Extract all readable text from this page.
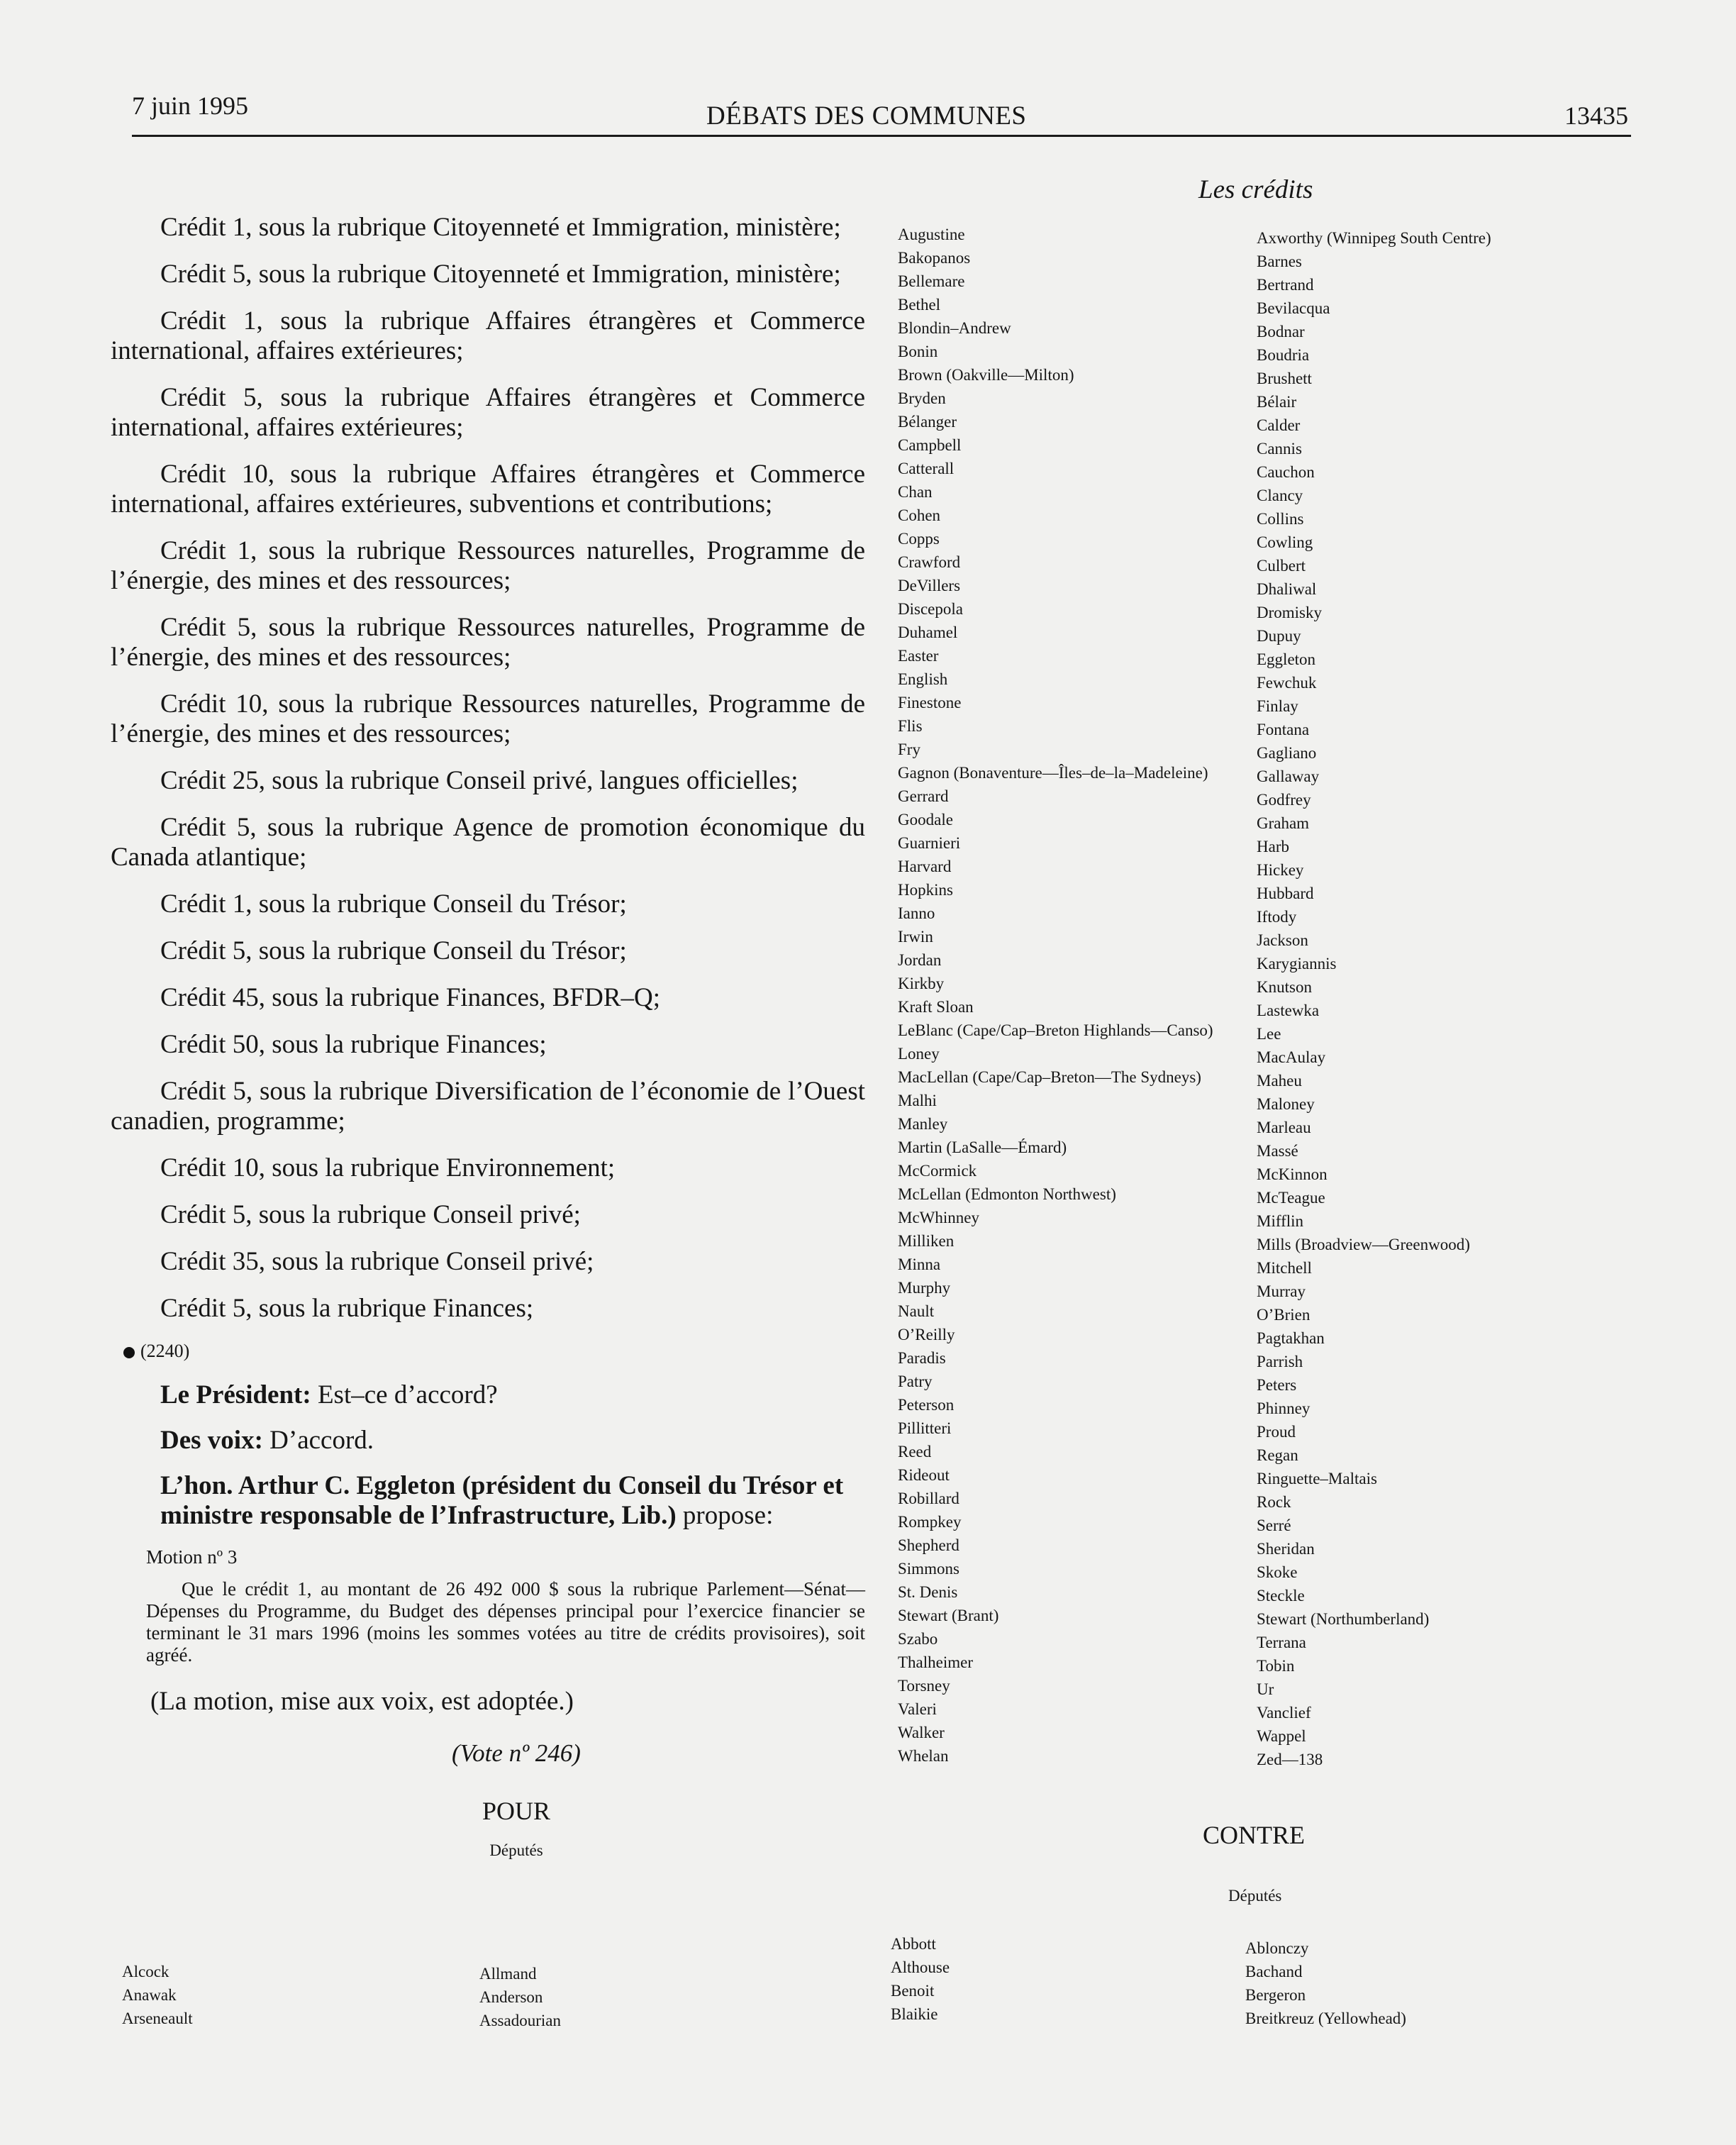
7 juin 1995	DÉBATS DES COMMUNES	13435
Les crédits

Crédit 1, sous la rubrique Citoyenneté et Immigration, ministère;

Crédit 5, sous la rubrique Citoyenneté et Immigration, ministère;

Crédit 1, sous la rubrique Affaires étrangères et Commerce international, affaires extérieures;

Crédit 5, sous la rubrique Affaires étrangères et Commerce international, affaires extérieures;

Crédit 10, sous la rubrique Affaires étrangères et Commerce international, affaires extérieures, subventions et contributions;

Crédit 1, sous la rubrique Ressources naturelles, Programme de l’énergie, des mines et des ressources;

Crédit 5, sous la rubrique Ressources naturelles, Programme de l’énergie, des mines et des ressources;

Crédit 10, sous la rubrique Ressources naturelles, Programme de l’énergie, des mines et des ressources;

Crédit 25, sous la rubrique Conseil privé, langues officielles;

Crédit 5, sous la rubrique Agence de promotion économique du Canada atlantique;

Crédit 1, sous la rubrique Conseil du Trésor;

Crédit 5, sous la rubrique Conseil du Trésor;

Crédit 45, sous la rubrique Finances, BFDR–Q;

Crédit 50, sous la rubrique Finances;

Crédit 5, sous la rubrique Diversification de l’économie de l’Ouest canadien, programme;

Crédit 10, sous la rubrique Environnement;

Crédit 5, sous la rubrique Conseil privé;

Crédit 35, sous la rubrique Conseil privé;

Crédit 5, sous la rubrique Finances;

(2240)

Le Président: Est–ce d’accord?

Des voix: D’accord.

L’hon. Arthur C. Eggleton (président du Conseil du Trésor et ministre responsable de l’Infrastructure, Lib.) propose:

Motion nº 3

Que le crédit 1, au montant de 26 492 000 $ sous la rubrique Parlement—Sénat—Dépenses du Programme, du Budget des dépenses principal pour l’exercice financier se terminant le 31 mars 1996 (moins les sommes votées au titre de crédits provisoires), soit agréé.

(La motion, mise aux voix, est adoptée.)
(Vote nº 246)
POUR
Députés
Alcock
Anawak
Arseneault
Allmand
Anderson
Assadourian
Augustine
Bakopanos
Bellemare
Bethel
Blondin–Andrew
Bonin
Brown (Oakville—Milton)
Bryden
Bélanger
Campbell
Catterall
Chan
Cohen
Copps
Crawford
DeVillers
Discepola
Duhamel
Easter
English
Finestone
Flis
Fry
Gagnon (Bonaventure—Îles–de–la–Madeleine)
Gerrard
Goodale
Guarnieri
Harvard
Hopkins
Ianno
Irwin
Jordan
Kirkby
Kraft Sloan
LeBlanc (Cape/Cap–Breton Highlands—Canso)
Loney
MacLellan (Cape/Cap–Breton—The Sydneys)
Malhi
Manley
Martin (LaSalle—Émard)
McCormick
McLellan (Edmonton Northwest)
McWhinney
Milliken
Minna
Murphy
Nault
O’Reilly
Paradis
Patry
Peterson
Pillitteri
Reed
Rideout
Robillard
Rompkey
Shepherd
Simmons
St. Denis
Stewart (Brant)
Szabo
Thalheimer
Torsney
Valeri
Walker
Whelan
Axworthy (Winnipeg South Centre)
Barnes
Bertrand
Bevilacqua
Bodnar
Boudria
Brushett
Bélair
Calder
Cannis
Cauchon
Clancy
Collins
Cowling
Culbert
Dhaliwal
Dromisky
Dupuy
Eggleton
Fewchuk
Finlay
Fontana
Gagliano
Gallaway
Godfrey
Graham
Harb
Hickey
Hubbard
Iftody
Jackson
Karygiannis
Knutson
Lastewka
Lee
MacAulay
Maheu
Maloney
Marleau
Massé
McKinnon
McTeague
Mifflin
Mills (Broadview—Greenwood)
Mitchell
Murray
O’Brien
Pagtakhan
Parrish
Peters
Phinney
Proud
Regan
Ringuette–Maltais
Rock
Serré
Sheridan
Skoke
Steckle
Stewart (Northumberland)
Terrana
Tobin
Ur
Vanclief
Wappel
Zed—138
CONTRE
Députés
Abbott
Althouse
Benoit
Blaikie
Ablonczy
Bachand
Bergeron
Breitkreuz (Yellowhead)
